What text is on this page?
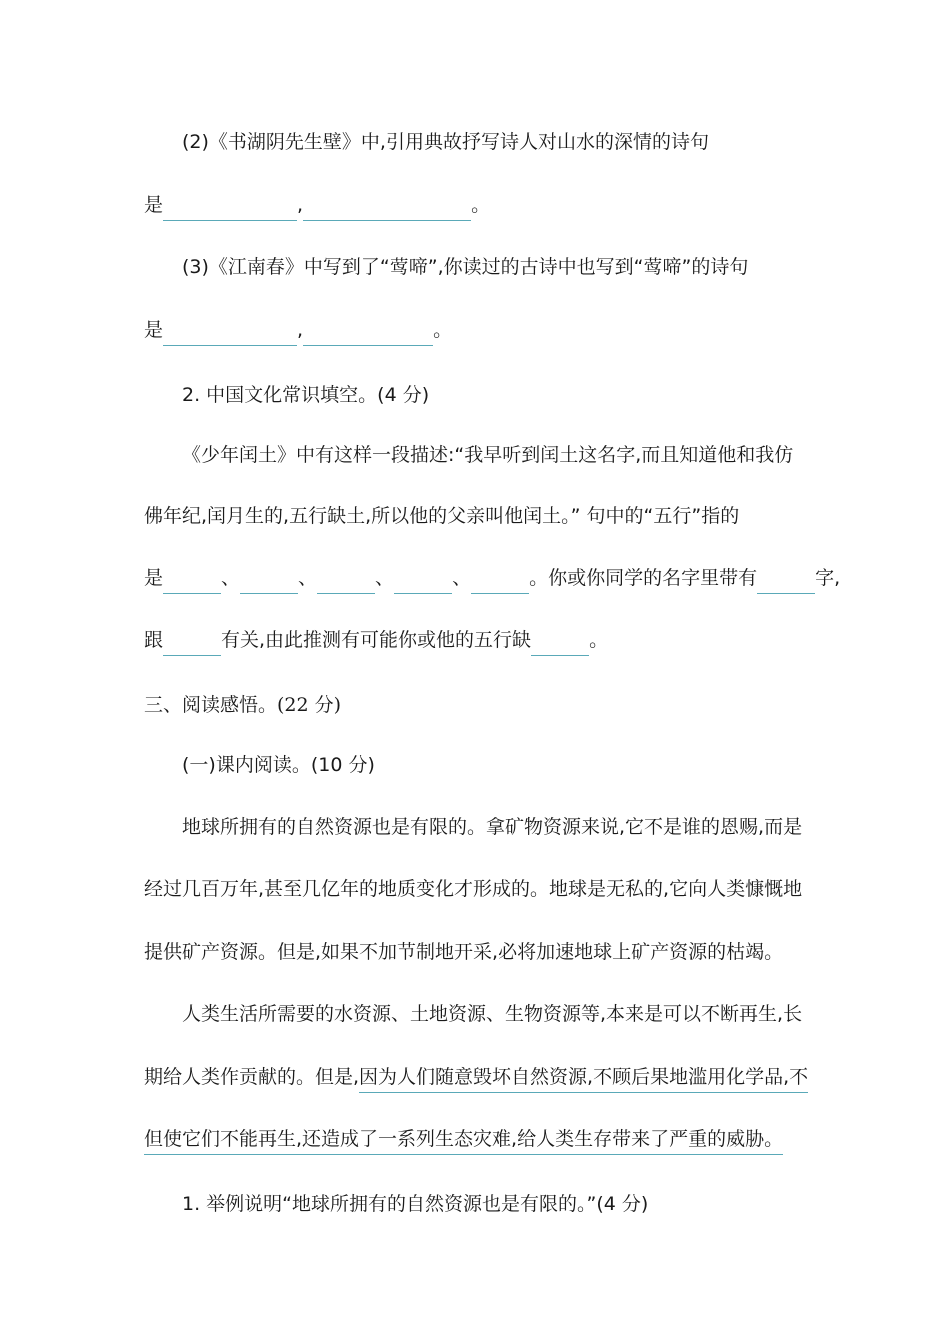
(2)《书湖阴先生壁》中,引用典故抒写诗人对山水的深情的诗句
是	,	。
(3)《江南春》中写到了“莺啼”,你读过的古诗中也写到“莺啼”的诗句
是	,	。
2. 中国文化常识填空。(4 分)
《少年闰土》中有这样一段描述:“我早听到闰土这名字,而且知道他和我仿
佛年纪,闰月生的,五行缺土,所以他的父亲叫他闰土。” 句中的“五行”指的
是	、	、	、	、	。你或你同学的名字里带有	字,
跟	有关,由此推测有可能你或他的五行缺	。
三、阅读感悟。(22 分)
(一)课内阅读。(10 分)
地球所拥有的自然资源也是有限的。拿矿物资源来说,它不是谁的恩赐,而是
经过几百万年,甚至几亿年的地质变化才形成的。地球是无私的,它向人类慷慨地
提供矿产资源。但是,如果不加节制地开采,必将加速地球上矿产资源的枯竭。
人类生活所需要的水资源、土地资源、生物资源等,本来是可以不断再生,长
期给人类作贡献的。但是,因为人们随意毁坏自然资源,不顾后果地滥用化学品,不
但使它们不能再生,还造成了一系列生态灾难,给人类生存带来了严重的威胁。
1. 举例说明“地球所拥有的自然资源也是有限的。”(4 分)
